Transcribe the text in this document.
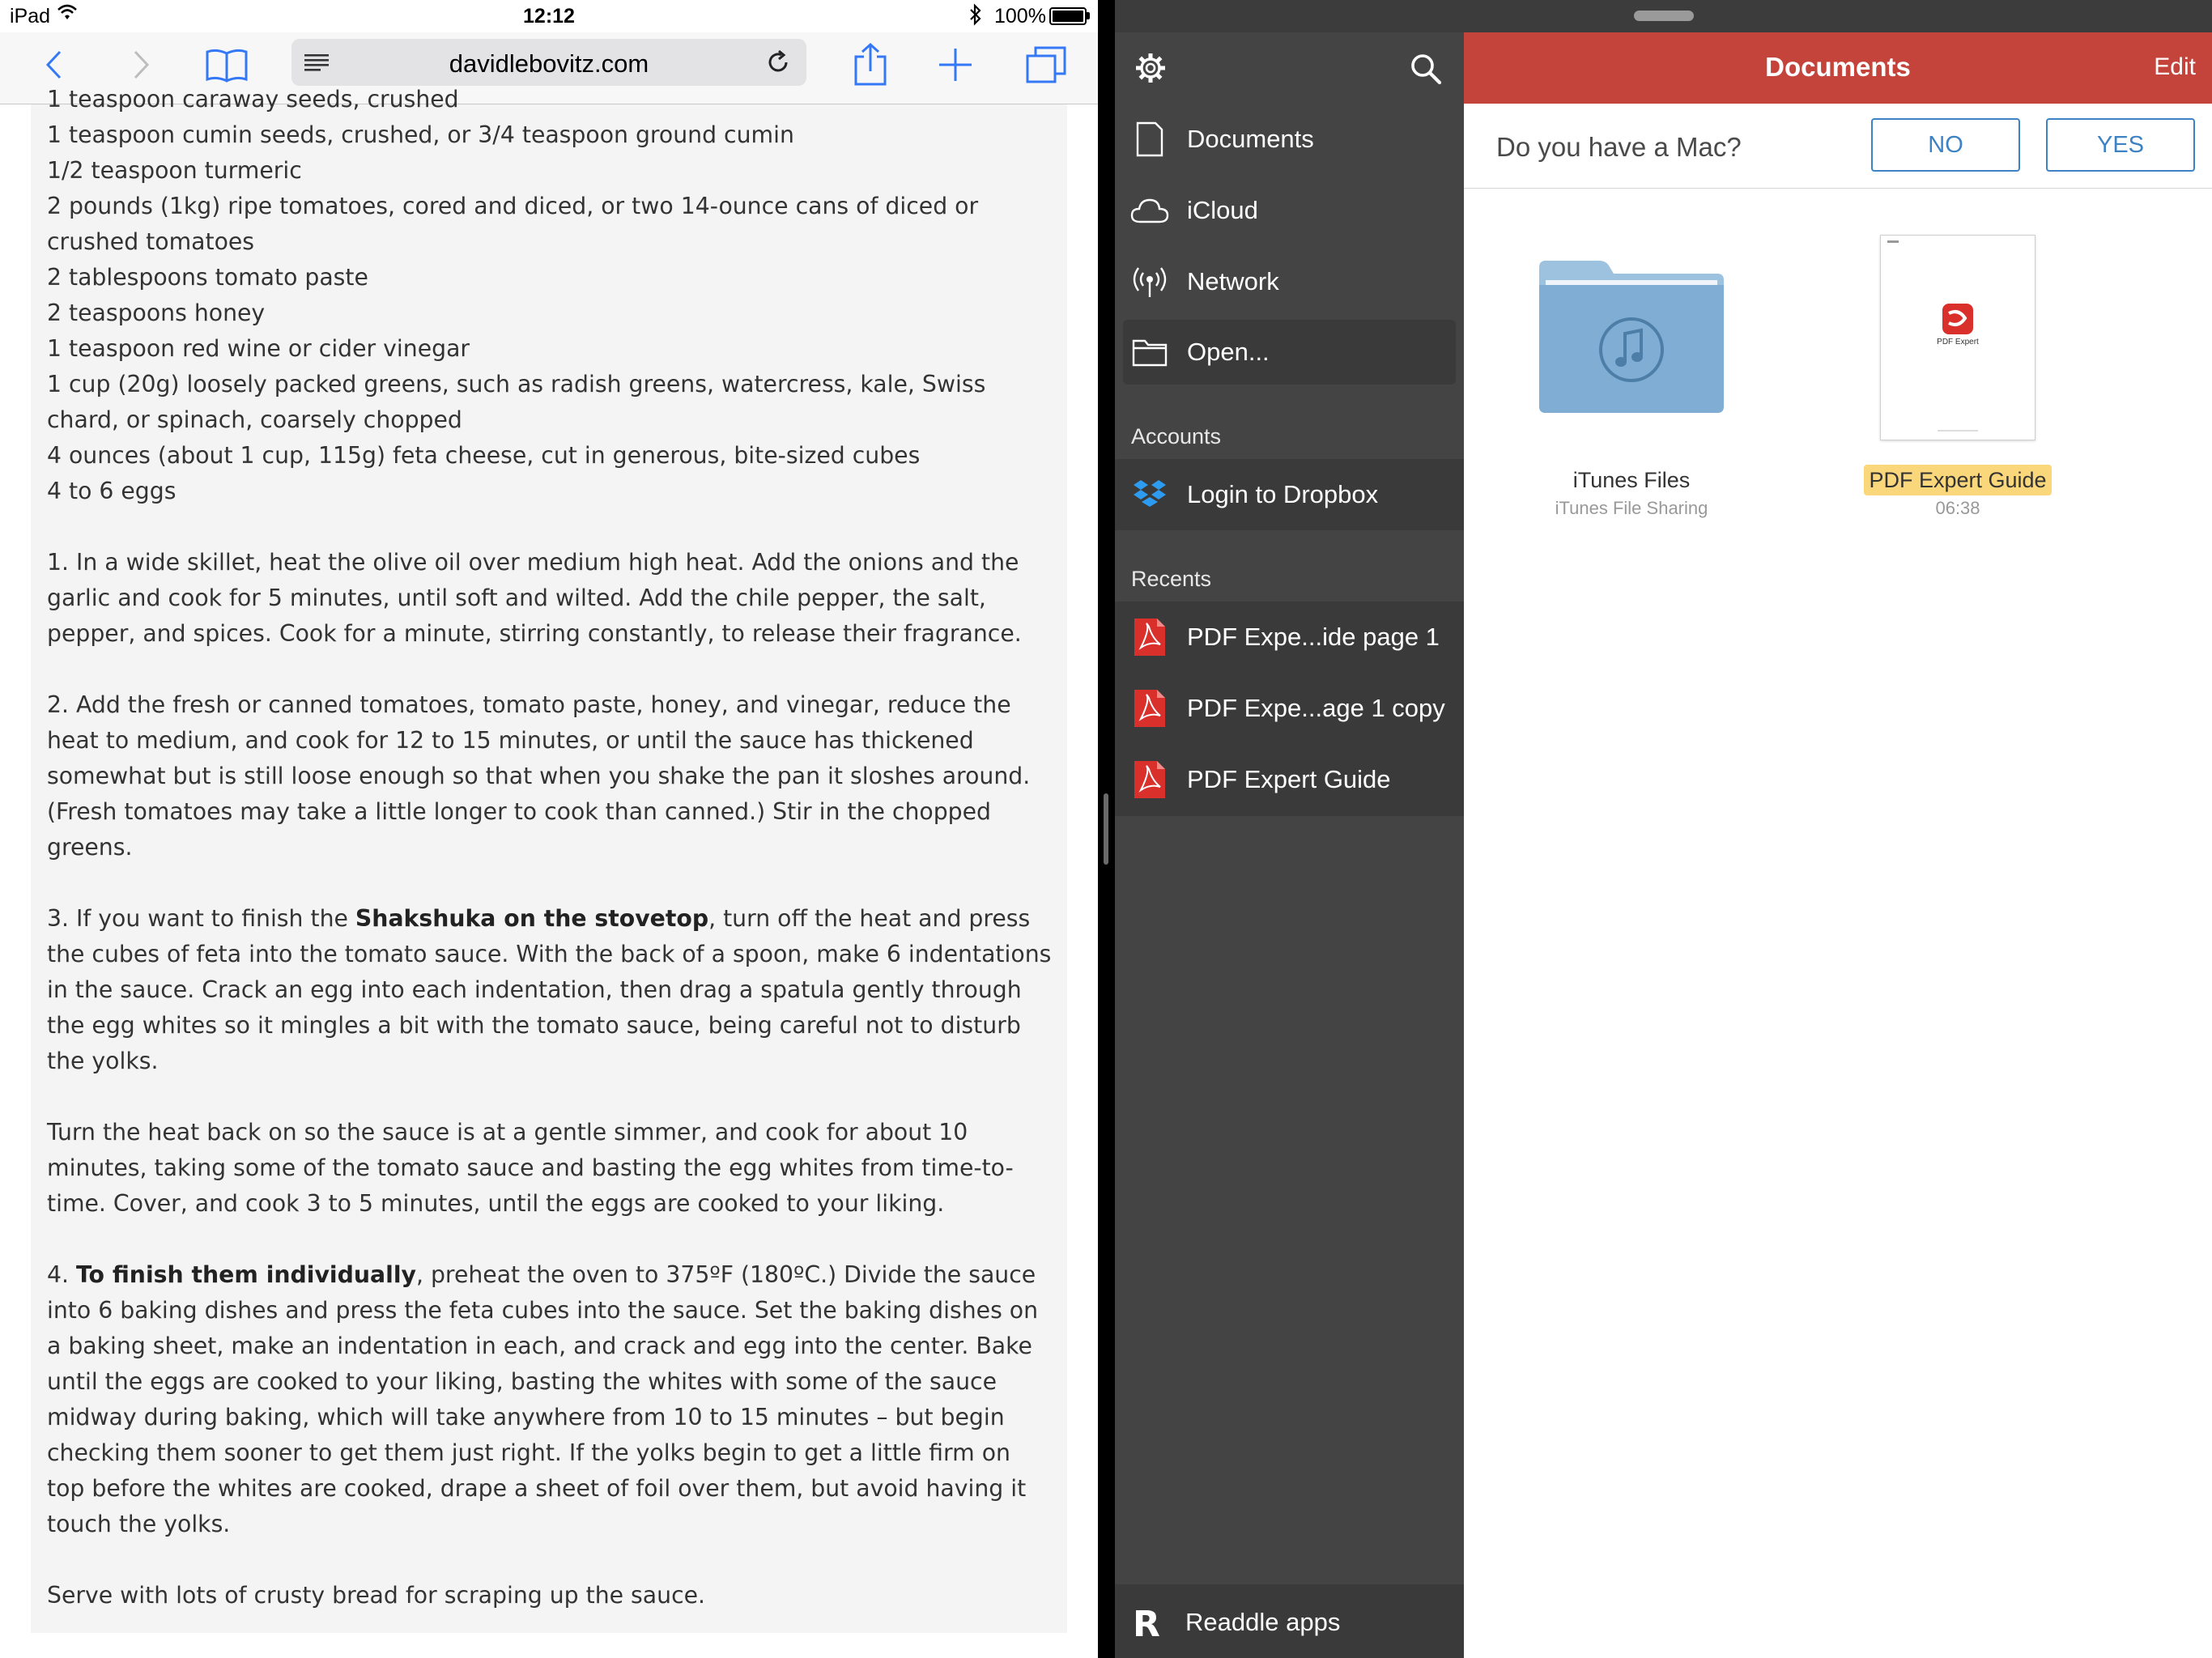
iPad	12:12	100%
davidlebovitz.com
1 teaspoon caraway seeds, crushed
1 teaspoon cumin seeds, crushed, or 3/4 teaspoon ground cumin
1/2 teaspoon turmeric
2 pounds (1kg) ripe tomatoes, cored and diced, or two 14-ounce cans of diced or
crushed tomatoes
2 tablespoons tomato paste
2 teaspoons honey
1 teaspoon red wine or cider vinegar
1 cup (20g) loosely packed greens, such as radish greens, watercress, kale, Swiss
chard, or spinach, coarsely chopped
4 ounces (about 1 cup, 115g) feta cheese, cut in generous, bite-sized cubes
4 to 6 eggs
1. In a wide skillet, heat the olive oil over medium high heat. Add the onions and the
garlic and cook for 5 minutes, until soft and wilted. Add the chile pepper, the salt,
pepper, and spices. Cook for a minute, stirring constantly, to release their fragrance.
2. Add the fresh or canned tomatoes, tomato paste, honey, and vinegar, reduce the
heat to medium, and cook for 12 to 15 minutes, or until the sauce has thickened
somewhat but is still loose enough so that when you shake the pan it sloshes around.
(Fresh tomatoes may take a little longer to cook than canned.) Stir in the chopped
greens.
3. If you want to finish the Shakshuka on the stovetop, turn off the heat and press
the cubes of feta into the tomato sauce. With the back of a spoon, make 6 indentations
in the sauce. Crack an egg into each indentation, then drag a spatula gently through
the egg whites so it mingles a bit with the tomato sauce, being careful not to disturb
the yolks.
Turn the heat back on so the sauce is at a gentle simmer, and cook for about 10
minutes, taking some of the tomato sauce and basting the egg whites from time-to-
time. Cover, and cook 3 to 5 minutes, until the eggs are cooked to your liking.
4. To finish them individually, preheat the oven to 375ºF (180ºC.) Divide the sauce
into 6 baking dishes and press the feta cubes into the sauce. Set the baking dishes on
a baking sheet, make an indentation in each, and crack and egg into the center. Bake
until the eggs are cooked to your liking, basting the whites with some of the sauce
midway during baking, which will take anywhere from 10 to 15 minutes – but begin
checking them sooner to get them just right. If the yolks begin to get a little firm on
top before the whites are cooked, drape a sheet of foil over them, but avoid having it
touch the yolks.
Serve with lots of crusty bread for scraping up the sauce.
Documents
iCloud
Network
Open...
Accounts
Login to Dropbox
Recents
PDF Expe...ide page 1
PDF Expe...age 1 copy
PDF Expert Guide
R Readdle apps
Documents	Edit
Do you have a Mac?	NO	YES
iTunes Files
iTunes File Sharing
PDF Expert
PDF Expert Guide
06:38
